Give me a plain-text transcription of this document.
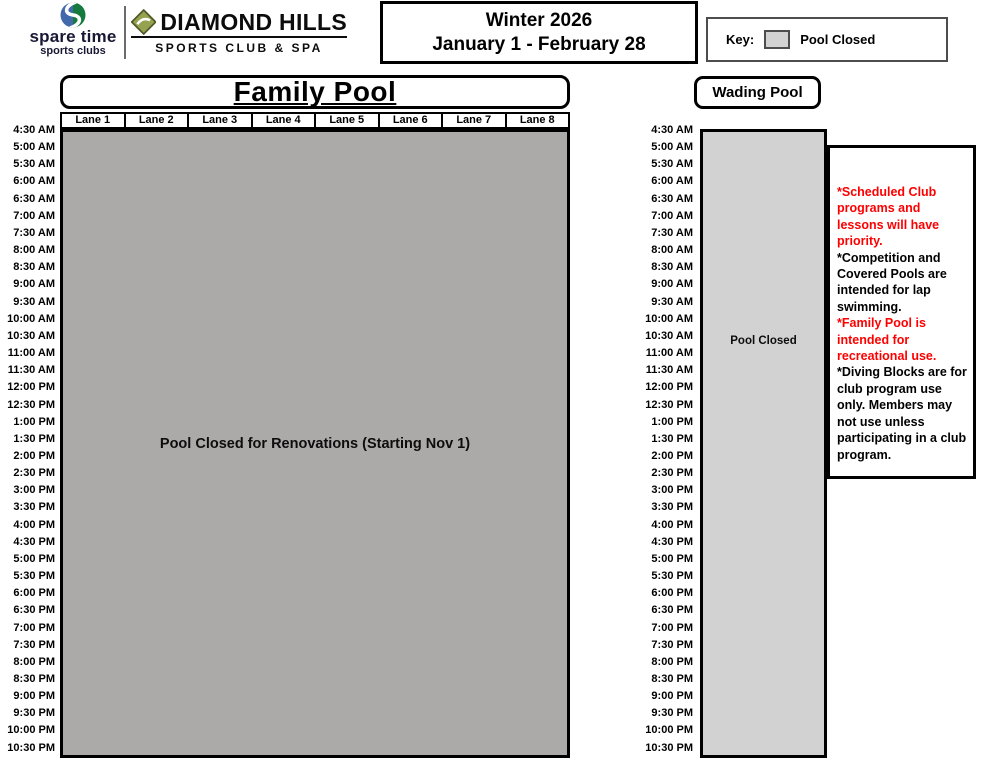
spare time
sports clubs
DIAMOND HILLS
SPORTS CLUB & SPA
Winter 2026
January 1 - February 28	Key:	Pool Closed
Family Pool
Lane 1	Lane 2	Lane 3	Lane 4	Lane 5	Lane 6	Lane 7	Lane 8
4:30 AM
5:00 AM
5:30 AM
6:00 AM
6:30 AM
7:00 AM
7:30 AM
8:00 AM
8:30 AM
9:00 AM
9:30 AM
10:00 AM
10:30 AM
11:00 AM
11:30 AM
12:00 PM
12:30 PM
1:00 PM
1:30 PM
2:00 PM
2:30 PM
3:00 PM
3:30 PM
4:00 PM
4:30 PM
5:00 PM
5:30 PM
6:00 PM
6:30 PM
7:00 PM
7:30 PM
8:00 PM
8:30 PM
9:00 PM
9:30 PM
10:00 PM
10:30 PM
Pool Closed for Renovations (Starting Nov 1)
Wading Pool
4:30 AM
5:00 AM
5:30 AM
6:00 AM
6:30 AM
7:00 AM
7:30 AM
8:00 AM
8:30 AM
9:00 AM
9:30 AM
10:00 AM
10:30 AM
11:00 AM
11:30 AM
12:00 PM
12:30 PM
1:00 PM
1:30 PM
2:00 PM
2:30 PM
3:00 PM
3:30 PM
4:00 PM
4:30 PM
5:00 PM
5:30 PM
6:00 PM
6:30 PM
7:00 PM
7:30 PM
8:00 PM
8:30 PM
9:00 PM
9:30 PM
10:00 PM
10:30 PM
Pool Closed
*Scheduled Club programs and lessons will have priority.
*Competition and Covered Pools are intended for lap swimming.
*Family Pool is intended for recreational use.
*Diving Blocks are for club program use only. Members may not use unless participating in a club program.
